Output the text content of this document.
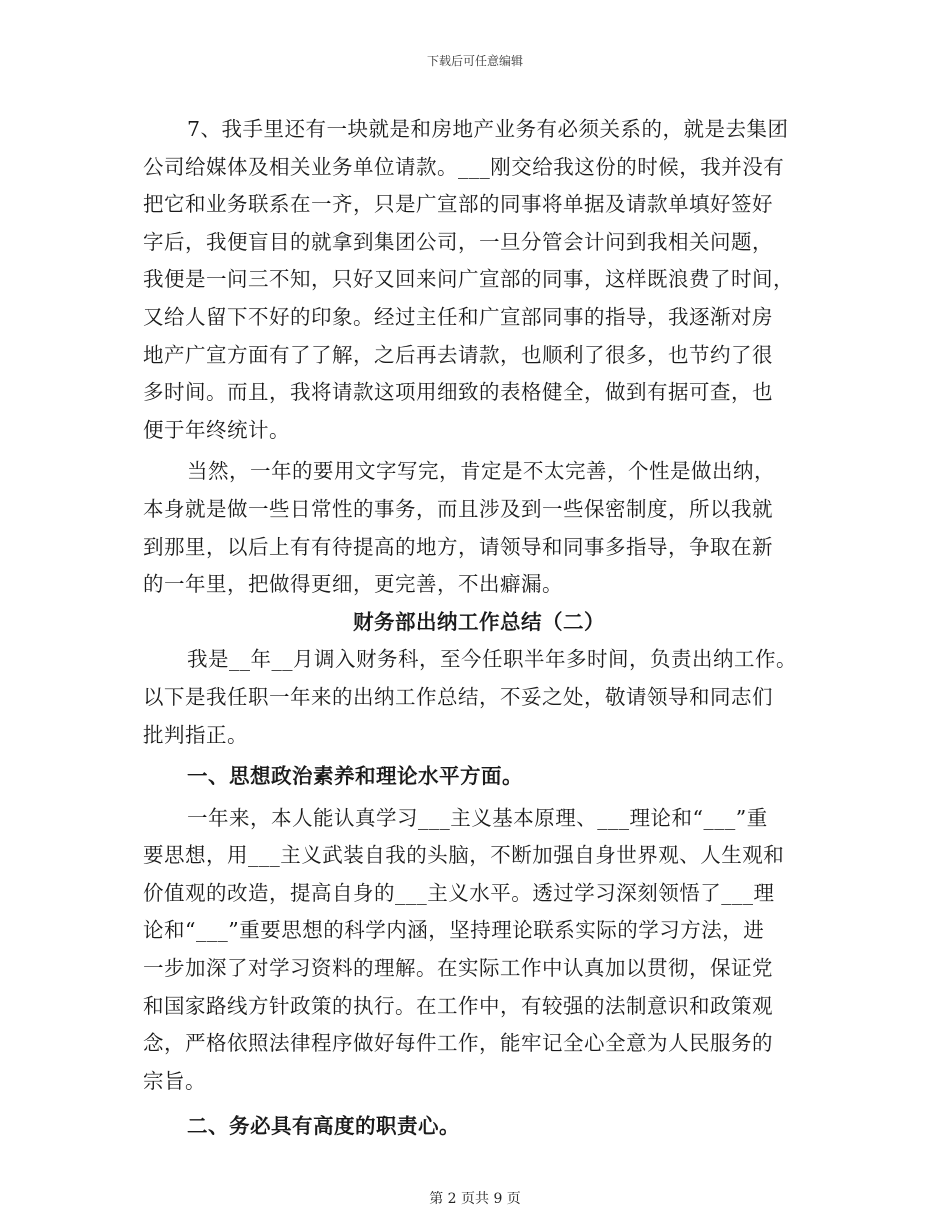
下载后可任意编辑
7、我手里还有一块就是和房地产业务有必须关系的，就是去集团
公司给媒体及相关业务单位请款。___刚交给我这份的时候，我并没有
把它和业务联系在一齐，只是广宣部的同事将单据及请款单填好签好
字后，我便盲目的就拿到集团公司，一旦分管会计问到我相关问题，
我便是一问三不知，只好又回来问广宣部的同事，这样既浪费了时间，
又给人留下不好的印象。经过主任和广宣部同事的指导，我逐渐对房
地产广宣方面有了了解，之后再去请款，也顺利了很多，也节约了很
多时间。而且，我将请款这项用细致的表格健全，做到有据可查，也
便于年终统计。
当然，一年的要用文字写完，肯定是不太完善，个性是做出纳，
本身就是做一些日常性的事务，而且涉及到一些保密制度，所以我就
到那里，以后上有有待提高的地方，请领导和同事多指导，争取在新
的一年里，把做得更细，更完善，不出癖漏。
财务部出纳工作总结（二）
我是__年__月调入财务科，至今任职半年多时间，负责出纳工作。
以下是我任职一年来的出纳工作总结，不妥之处，敬请领导和同志们
批判指正。
一、思想政治素养和理论水平方面。
一年来，本人能认真学习___主义基本原理、___理论和“___”重
要思想，用___主义武装自我的头脑，不断加强自身世界观、人生观和
价值观的改造，提高自身的___主义水平。透过学习深刻领悟了___理
论和“___”重要思想的科学内涵，坚持理论联系实际的学习方法，进
一步加深了对学习资料的理解。在实际工作中认真加以贯彻，保证党
和国家路线方针政策的执行。在工作中，有较强的法制意识和政策观
念，严格依照法律程序做好每件工作，能牢记全心全意为人民服务的
宗旨。
二、务必具有高度的职责心。
第 2 页共 9 页
